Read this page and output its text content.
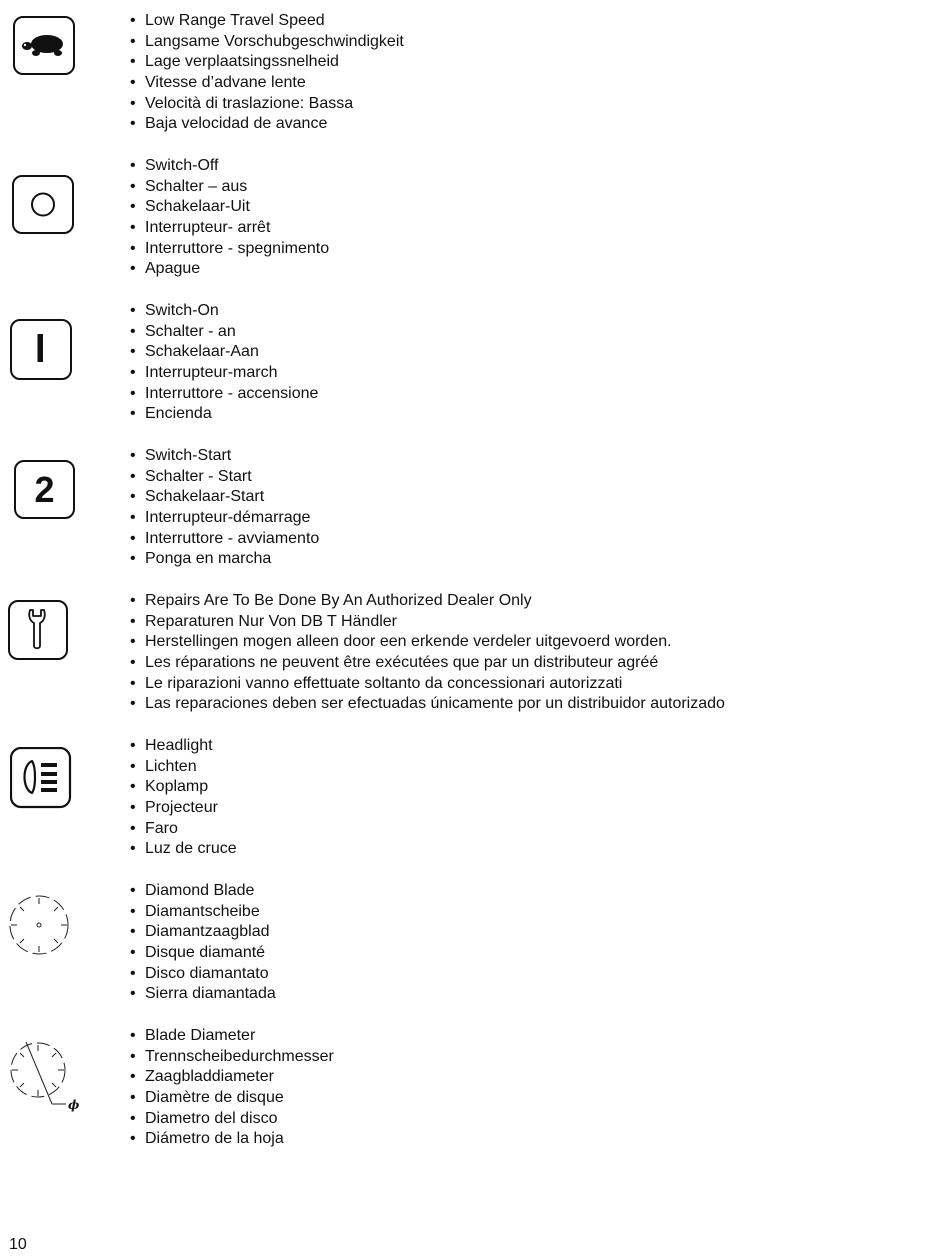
• Low Range Travel Speed
• Langsame Vorschubgeschwindigkeit
• Lage verplaatsingssnelheid
• Vitesse d’advane lente
• Velocità di traslazione: Bassa
• Baja velocidad de avance
• Switch-Off
• Schalter – aus
• Schakelaar-Uit
• Interrupteur- arrêt
• Interruttore - spegnimento
• Apague
• Switch-On
• Schalter - an
• Schakelaar-Aan
• Interrupteur-march
• Interruttore - accensione
• Encienda
2
• Switch-Start
• Schalter - Start
• Schakelaar-Start
• Interrupteur-démarrage
• Interruttore - avviamento
• Ponga en marcha
• Repairs Are To Be Done By An Authorized Dealer Only
• Reparaturen Nur Von DB T Händler
• Herstellingen mogen alleen door een erkende verdeler uitgevoerd worden.
• Les réparations ne peuvent être exécutées que par un distributeur agréé
• Le riparazioni vanno effettuate soltanto da concessionari autorizzati
• Las reparaciones deben ser efectuadas únicamente por un distribuidor autorizado
• Headlight
• Lichten
• Koplamp
• Projecteur
• Faro
• Luz de cruce
• Diamond Blade
• Diamantscheibe
• Diamantzaagblad
• Disque diamanté
• Disco diamantato
• Sierra diamantada
ϕ
• Blade Diameter
• Trennscheibedurchmesser
• Zaagbladdiameter
• Diamètre de disque
• Diametro del disco
• Diámetro de la hoja
10
